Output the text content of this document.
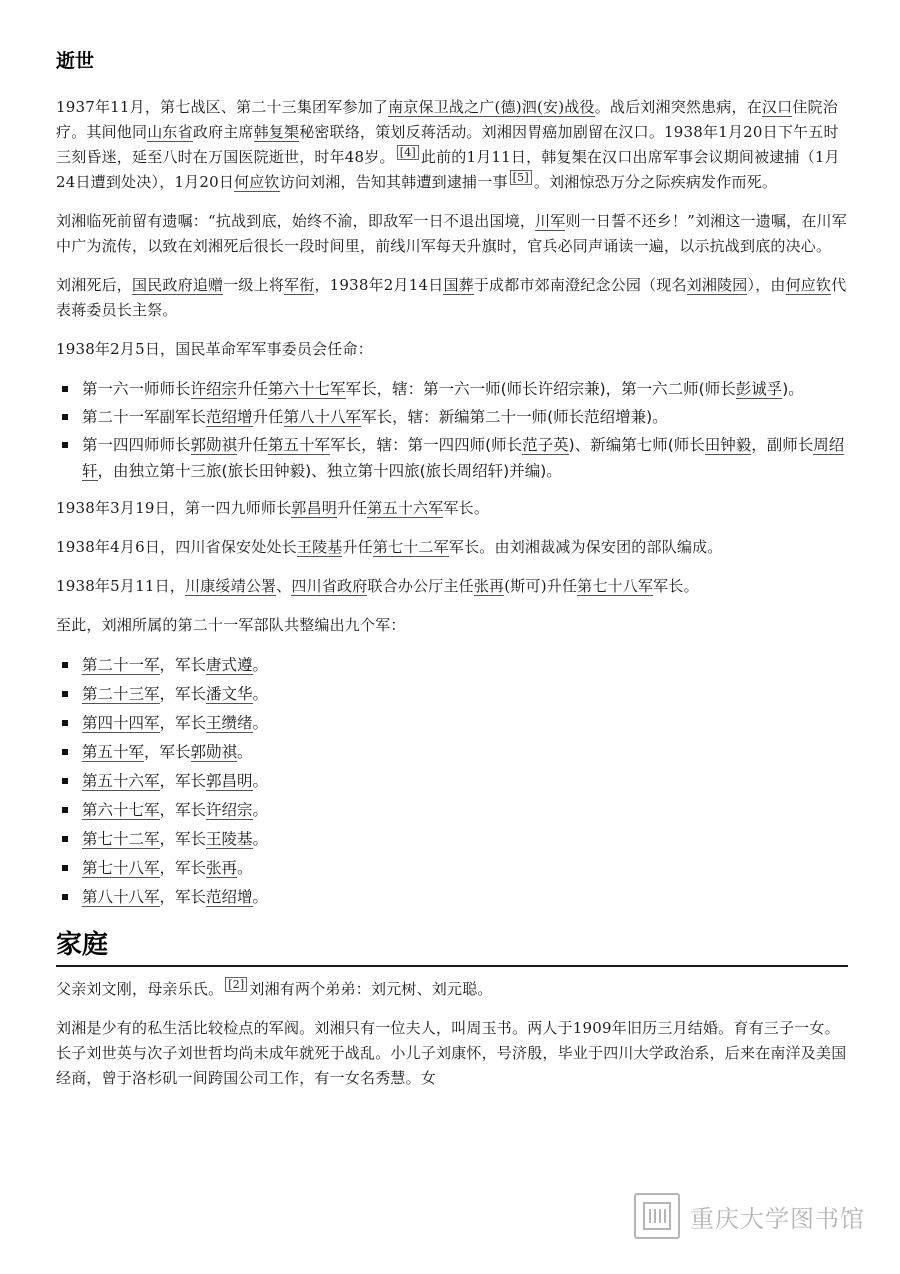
逝世

1937年11月，第七战区、第二十三集团军参加了南京保卫战之广(德)泗(安)战役。战后刘湘突然患病，在汉口住院治疗。其间他同山东省政府主席韩复榘秘密联络，策划反蒋活动。刘湘因胃癌加剧留在汉口。1938年1月20日下午五时三刻昏迷，延至八时在万国医院逝世，时年48岁。 [4] 此前的1月11日，韩复榘在汉口出席军事会议期间被逮捕（1月24日遭到处决），1月20日何应钦访问刘湘，告知其韩遭到逮捕一事 [5] 。刘湘惊恐万分之际疾病发作而死。

刘湘临死前留有遗嘱：“抗战到底，始终不渝，即敌军一日不退出国境，川军则一日誓不还乡！”刘湘这一遗嘱，在川军中广为流传，以致在刘湘死后很长一段时间里，前线川军每天升旗时，官兵必同声诵读一遍，以示抗战到底的决心。

刘湘死后，国民政府追赠一级上将军衔，1938年2月14日国葬于成都市郊南澄纪念公园（现名刘湘陵园），由何应钦代表蒋委员长主祭。

1938年2月5日，国民革命军军事委员会任命：

第一六一师师长许绍宗升任第六十七军军长，辖：第一六一师(师长许绍宗兼)，第一六二师(师长彭诚孚)。
第二十一军副军长范绍增升任第八十八军军长，辖：新编第二十一师(师长范绍增兼)。
第一四四师师长郭勋祺升任第五十军军长，辖：第一四四师(师长范子英)、新编第七师(师长田钟毅，副师长周绍轩，由独立第十三旅(旅长田钟毅)、独立第十四旅(旅长周绍轩)并编)。

1938年3月19日，第一四九师师长郭昌明升任第五十六军军长。

1938年4月6日，四川省保安处处长王陵基升任第七十二军军长。由刘湘裁减为保安团的部队编成。

1938年5月11日，川康绥靖公署、四川省政府联合办公厅主任张再(斯可)升任第七十八军军长。

至此，刘湘所属的第二十一军部队共整编出九个军：

第二十一军，军长唐式遵。
第二十三军，军长潘文华。
第四十四军，军长王缵绪。
第五十军，军长郭勋祺。
第五十六军，军长郭昌明。
第六十七军，军长许绍宗。
第七十二军，军长王陵基。
第七十八军，军长张再。
第八十八军，军长范绍增。
家庭

父亲刘文刚，母亲乐氏。 [2] 刘湘有两个弟弟：刘元树、刘元聪。

刘湘是少有的私生活比较检点的军阀。刘湘只有一位夫人，叫周玉书。两人于1909年旧历三月结婚。育有三子一女。长子刘世英与次子刘世哲均尚未成年就死于战乱。小儿子刘康怀，号济殷，毕业于四川大学政治系，后来在南洋及美国经商，曾于洛杉矶一间跨国公司工作，有一女名秀慧。女

重庆大学图书馆
